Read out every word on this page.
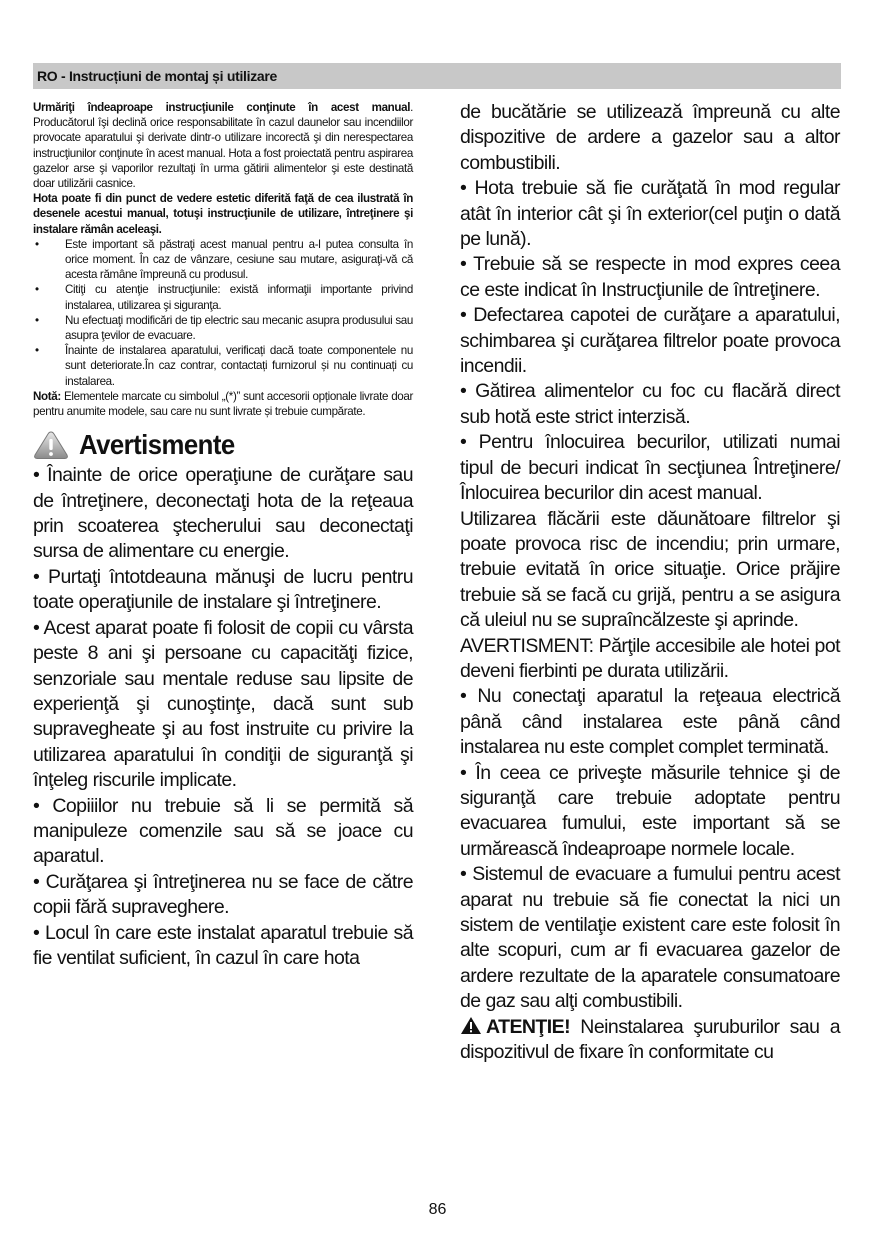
RO - Instrucțiuni de montaj și utilizare

Urmăriţi îndeaproape instrucţiunile conţinute în acest manual. Producătorul îşi declină orice responsabilitate în cazul daunelor sau incendiilor provocate aparatului şi derivate dintr-o utilizare incorectă şi din nerespectarea instrucţiunilor conţinute în acest manual. Hota a fost proiectată pentru aspirarea gazelor arse şi vaporilor rezultaţi în urma gătirii alimentelor şi este destinată doar utilizării casnice.

Hota poate fi din punct de vedere estetic diferită faţă de cea ilustrată în desenele acestui manual, totuşi instrucţiunile de utilizare, întreţinere şi instalare rămân aceleaşi.

• Este important să păstraţi acest manual pentru a-l putea consulta în orice moment. În caz de vânzare, cesiune sau mutare, asiguraţi-vă că acesta rămâne împreună cu produsul.
• Citiţi cu atenţie instrucţiunile: există informaţii importante privind instalarea, utilizarea şi siguranţa.
• Nu efectuaţi modificări de tip electric sau mecanic asupra produsului sau asupra ţevilor de evacuare.
• Înainte de instalarea aparatului, verificați dacă toate componentele nu sunt deteriorate.În caz contrar, contactați furnizorul și nu continuați cu instalarea.

Notă: Elementele marcate cu simbolul „(*)” sunt accesorii opționale livrate doar pentru anumite modele, sau care nu sunt livrate și trebuie cumpărate.

Avertismente

• Înainte de orice operaţiune de curăţare sau de întreţinere, deconectaţi hota de la reţeaua prin scoaterea ştecherului sau deconectaţi sursa de alimentare cu energie.

• Purtaţi întotdeauna mănuşi de lucru pentru toate operaţiunile de instalare şi întreţinere.

• Acest aparat poate fi folosit de copii cu vârsta peste 8 ani şi persoane cu capacităţi fizice, senzoriale sau mentale reduse sau lipsite de experienţă şi cunoştinţe, dacă sunt sub supravegheate şi au fost instruite cu privire la utilizarea aparatului în condiţii de siguranţă şi înţeleg riscurile implicate.

• Copiiilor nu trebuie să li se permită să manipuleze comenzile sau să se joace cu aparatul.

• Curăţarea şi întreţinerea nu se face de către copii fără supraveghere.

• Locul în care este instalat aparatul trebuie să fie ventilat suficient, în cazul în care hota

de bucătărie se utilizează împreună cu alte dispozitive de ardere a gazelor sau a altor combustibili.

• Hota trebuie să fie curăţată în mod regular atât în interior cât şi în exterior(cel puţin o dată pe lună).

• Trebuie să se respecte in mod expres ceea ce este indicat în Instrucţiunile de întreţinere.

• Defectarea capotei de curăţare a aparatului, schimbarea şi curăţarea filtrelor poate provoca incendii.

• Gătirea alimentelor cu foc cu flacără direct sub hotă este strict interzisă.

• Pentru înlocuirea becurilor, utilizati numai tipul de becuri indicat în secţiunea Întreţinere/Înlocuirea becurilor din acest manual.

Utilizarea flăcării este dăunătoare filtrelor şi poate provoca risc de incendiu; prin urmare, trebuie evitată în orice situaţie. Orice prăjire trebuie să se facă cu grijă, pentru a se asigura că uleiul nu se supraîncălzeste şi aprinde.

AVERTISMENT: Părţile accesibile ale hotei pot deveni fierbinti pe durata utilizării.

• Nu conectaţi aparatul la reţeaua electrică până când instalarea este până când instalarea nu este complet complet terminată.

• În ceea ce priveşte măsurile tehnice şi de siguranţă care trebuie adoptate pentru evacuarea fumului, este important să se urmărească îndeaproape normele locale.

• Sistemul de evacuare a fumului pentru acest aparat nu trebuie să fie conectat la nici un sistem de ventilaţie existent care este folosit în alte scopuri, cum ar fi evacuarea gazelor de ardere rezultate de la aparatele consumatoare de gaz sau alţi combustibili.

ATENŢIE! Neinstalarea şuruburilor sau a dispozitivul de fixare în conformitate cu

86
